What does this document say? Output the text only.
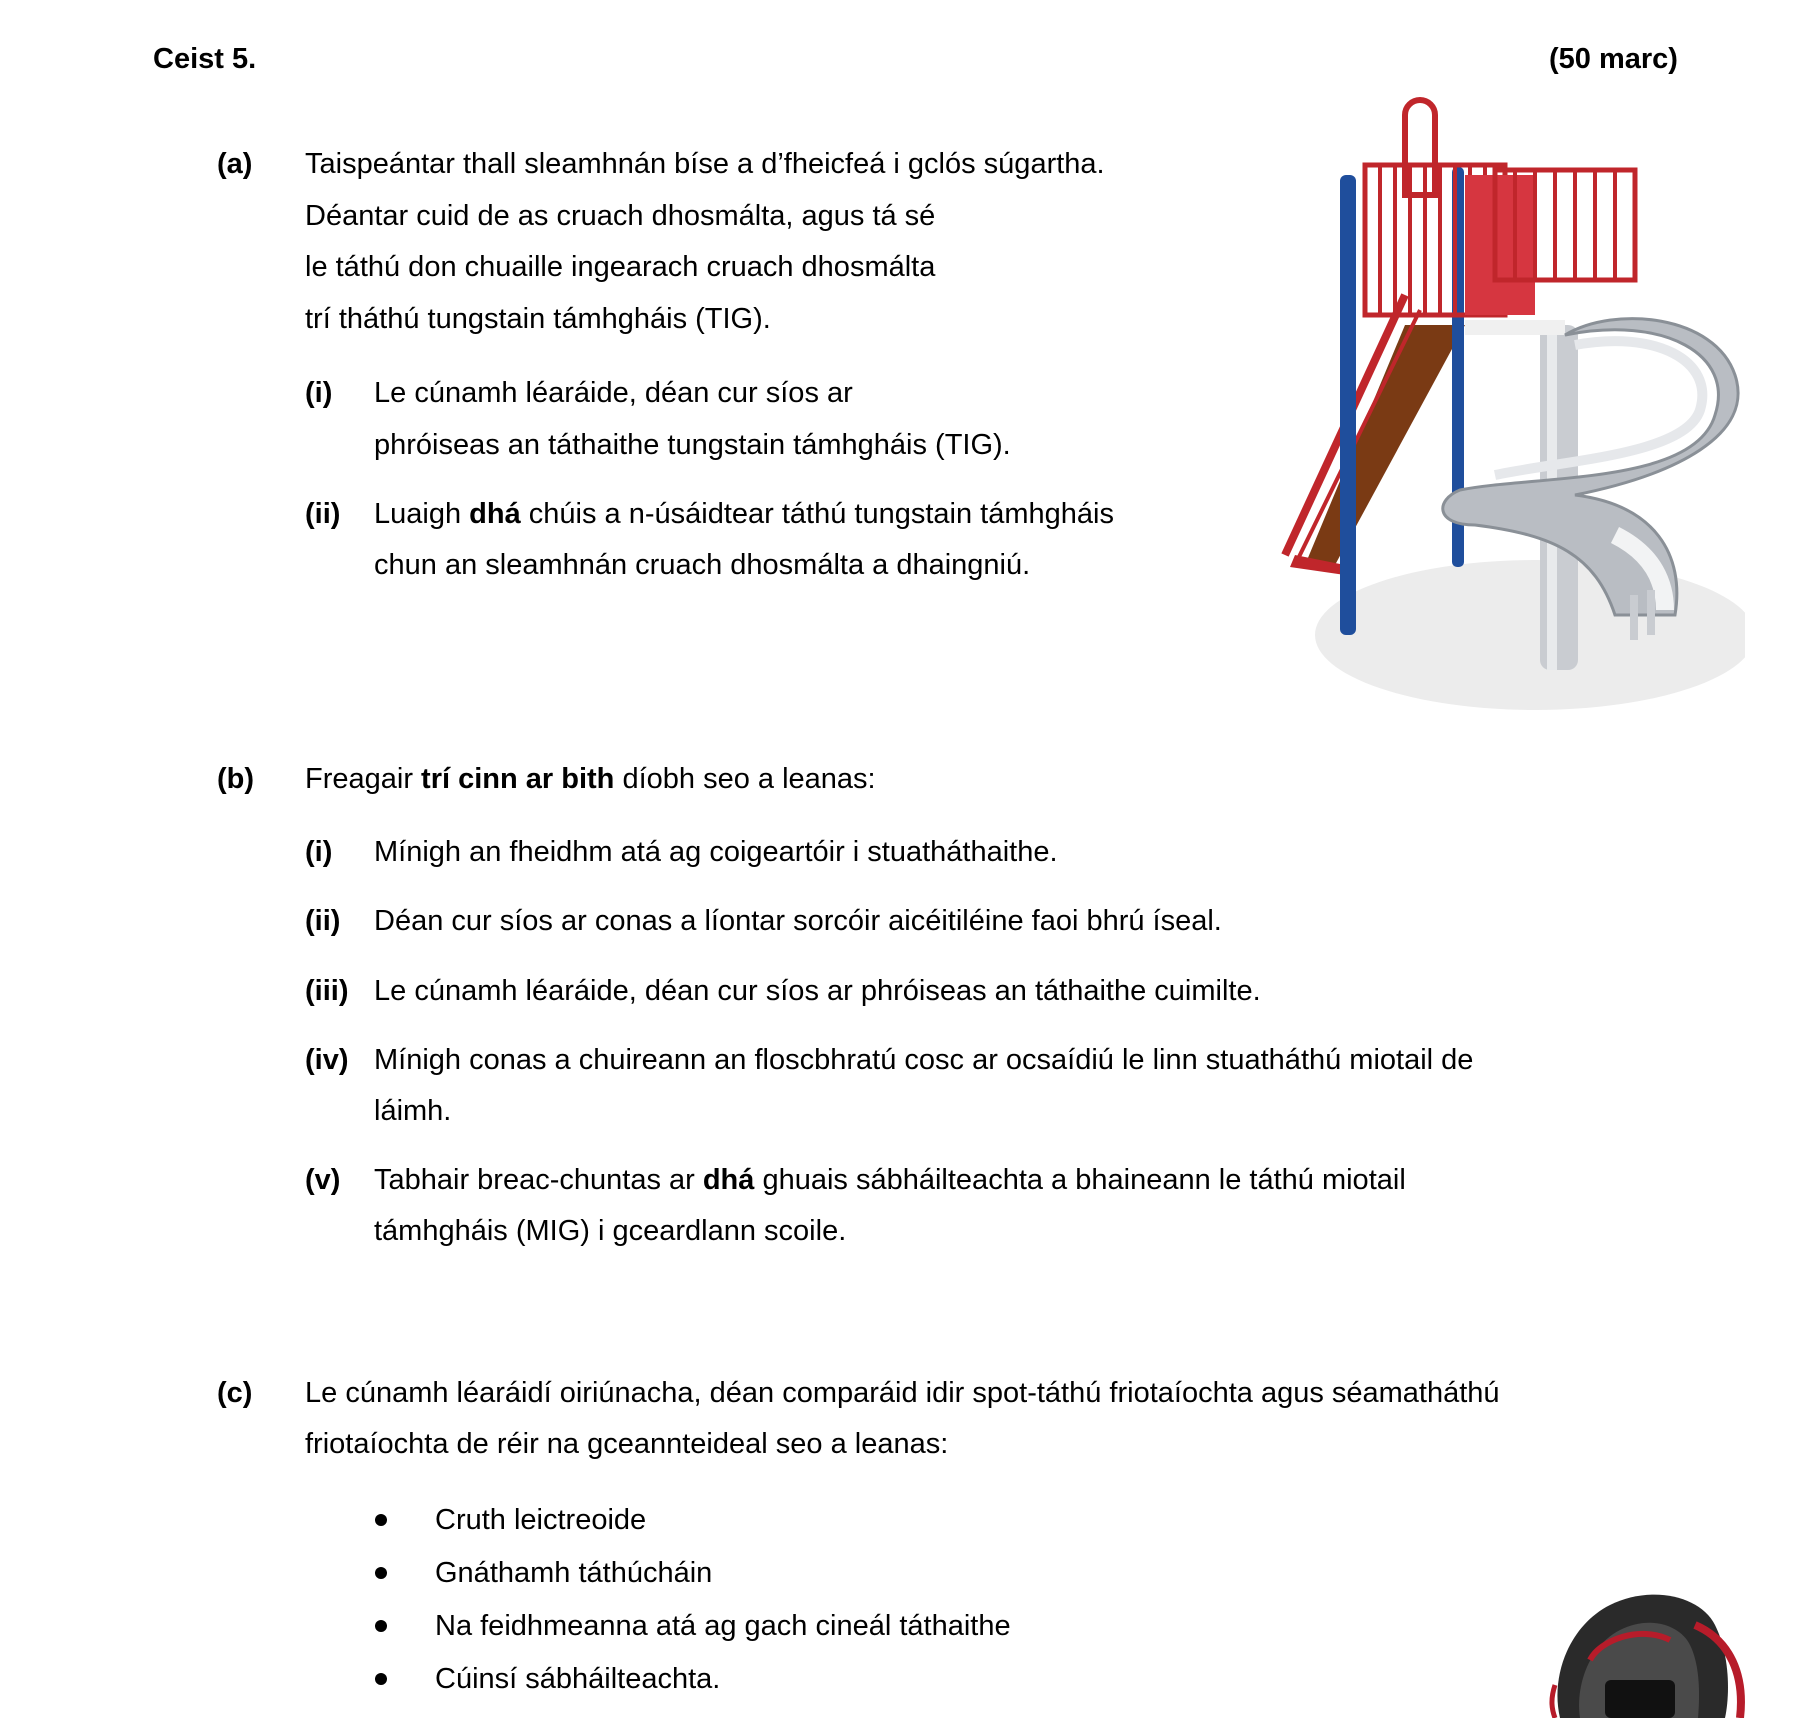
Ceist 5.	(50 marc)
(a) Taispeántar thall sleamhnán bíse a d’fheicfeá i gclós súgartha.
Déantar cuid de as cruach dhosmálta, agus tá sé
le táthú don chuaille ingearach cruach dhosmálta
trí tháthú tungstain támhgháis (TIG).
(i) Le cúnamh léaráide, déan cur síos ar
phróiseas an táthaithe tungstain támhgháis (TIG).
(ii) Luaigh dhá chúis a n-úsáidtear táthú tungstain támhgháis
chun an sleamhnán cruach dhosmálta a dhaingniú.
(b) Freagair trí cinn ar bith díobh seo a leanas:
(i) Mínigh an fheidhm atá ag coigeartóir i stuatháthaithe.
(ii) Déan cur síos ar conas a líontar sorcóir aicéitiléine faoi bhrú íseal.
(iii) Le cúnamh léaráide, déan cur síos ar phróiseas an táthaithe cuimilte.
(iv) Mínigh conas a chuireann an floscbhratú cosc ar ocsaídiú le linn stuatháthú miotail de
láimh.
(v) Tabhair breac-chuntas ar dhá ghuais sábháilteachta a bhaineann le táthú miotail
támhgháis (MIG) i gceardlann scoile.
(c) Le cúnamh léaráidí oiriúnacha, déan comparáid idir spot-táthú friotaíochta agus séamatháthú
friotaíochta de réir na gceannteideal seo a leanas:
Cruth leictreoide
Gnáthamh táthúcháin
Na feidhmeanna atá ag gach cineál táthaithe
Cúinsí sábháilteachta.
